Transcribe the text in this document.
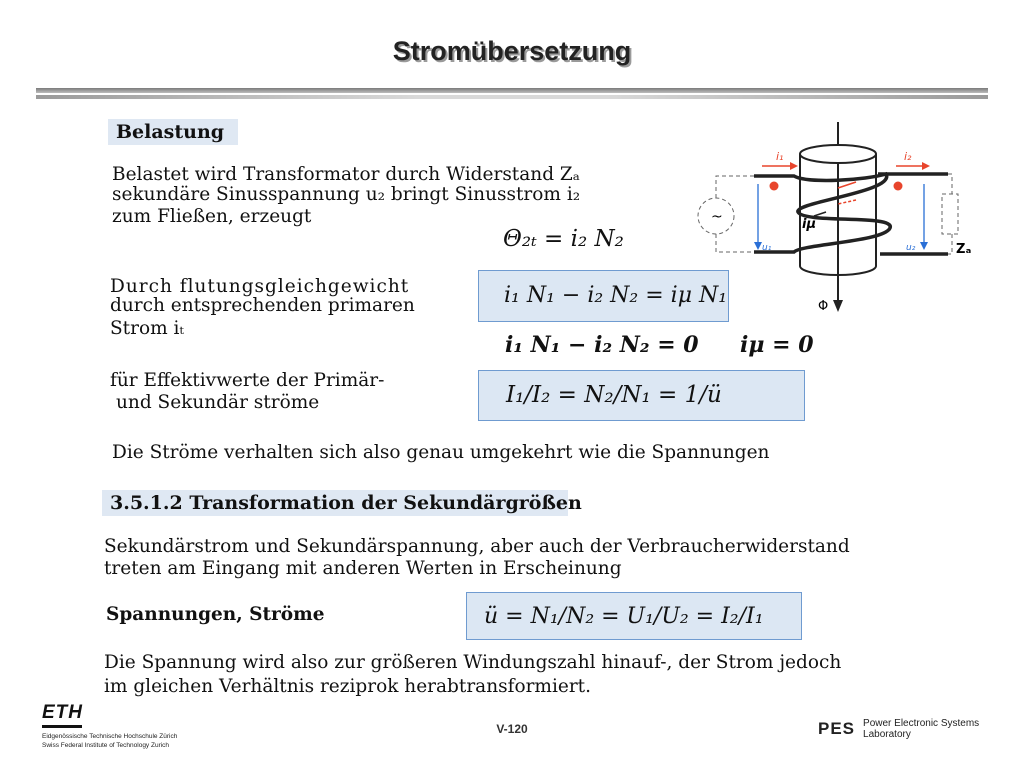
Stromübersetzung
Belastung
Belastet wird Transformator durch Widerstand Zₐ
sekundäre Sinusspannung u₂ bringt Sinusstrom i₂
zum Fließen, erzeugt
Θ₂ₜ = i₂ N₂
Durch flutungsgleichgewicht
durch entsprechenden primaren
Strom iₜ
i₁ N₁ − i₂ N₂ = iμ N₁
i₁ N₁ − i₂ N₂ = 0 iμ = 0
für Effektivwerte der Primär-
und Sekundär ströme	I₁/I₂ = N₂/N₁ = 1/ü
Die Ströme verhalten sich also genau umgekehrt wie die Spannungen
3.5.1.2 Transformation der Sekundärgrößen
Sekundärstrom und Sekundärspannung, aber auch der Verbraucherwiderstand
treten am Eingang mit anderen Werten in Erscheinung
Spannungen, Ströme	ü = N₁/N₂ = U₁/U₂ = I₂/I₁
Die Spannung wird also zur größeren Windungszahl hinauf-, der Strom jedoch
im gleichen Verhältnis reziprok herabtransformiert.
Φ
~
Zₐ
i₁	i₂
iμ
u₁	u₂
ETH
Eidgenössische Technische Hochschule Zürich
Swiss Federal Institute of Technology Zurich
V-120	PES Power Electronic Systems
Laboratory
